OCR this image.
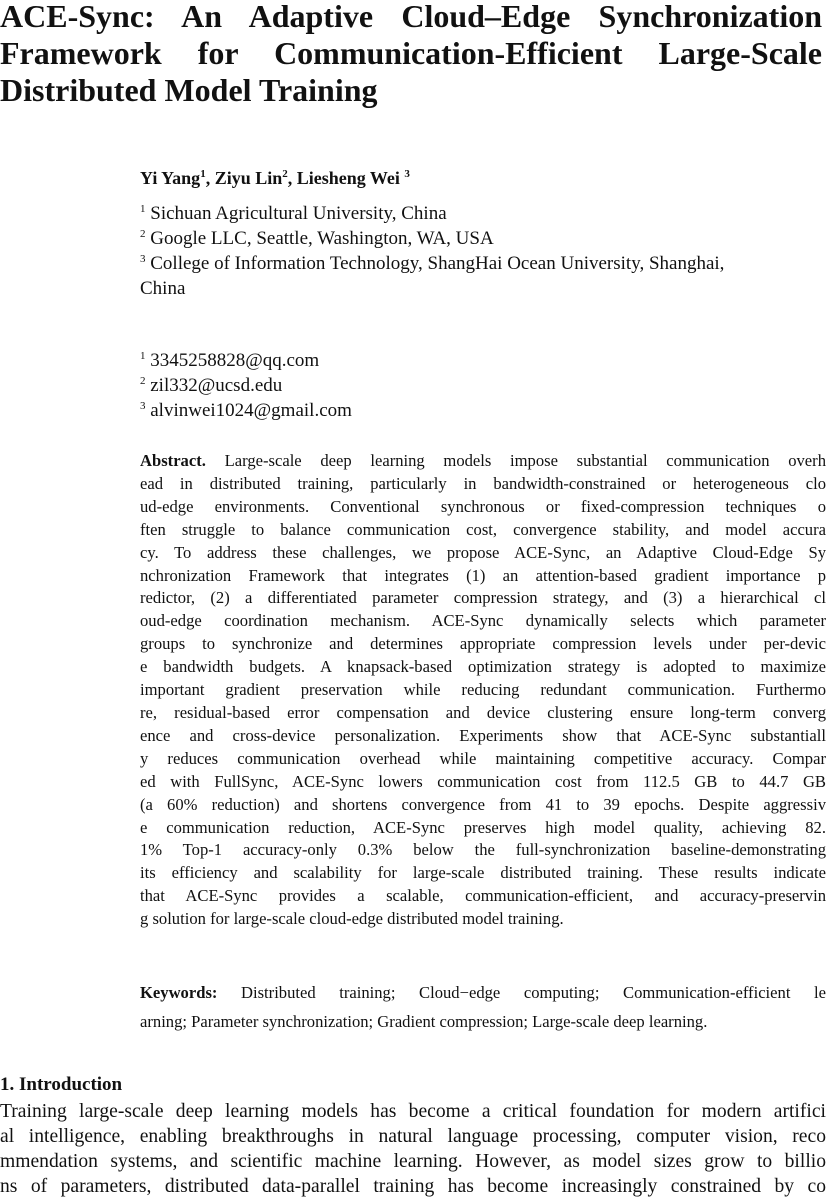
ACE-Sync: An Adaptive Cloud–Edge Synchronization
Framework for Communication-Efficient Large-Scale
Distributed Model Training
Yi Yang$^1$, Ziyu Lin$^2$, Liesheng Wei $^3$
$^1$ Sichuan Agricultural University, China
$^2$ Google LLC, Seattle, Washington, WA, USA
$^3$ College of Information Technology, ShangHai Ocean University, Shanghai,
China
$^1$ 3345258828@qq.com
$^2$ zil332@ucsd.edu
$^3$ alvinwei1024@gmail.com
Abstract. Large-scale deep learning models impose substantial communication overh
ead in distributed training, particularly in bandwidth-constrained or heterogeneous clo
ud-edge environments. Conventional synchronous or fixed-compression techniques o
ften struggle to balance communication cost, convergence stability, and model accura
cy. To address these challenges, we propose ACE-Sync, an Adaptive Cloud-Edge Sy
nchronization Framework that integrates (1) an attention-based gradient importance p
redictor, (2) a differentiated parameter compression strategy, and (3) a hierarchical cl
oud-edge coordination mechanism. ACE-Sync dynamically selects which parameter
groups to synchronize and determines appropriate compression levels under per-devic
e bandwidth budgets. A knapsack-based optimization strategy is adopted to maximize
important gradient preservation while reducing redundant communication. Furthermo
re, residual-based error compensation and device clustering ensure long-term converg
ence and cross-device personalization. Experiments show that ACE-Sync substantiall
y reduces communication overhead while maintaining competitive accuracy. Compar
ed with FullSync, ACE-Sync lowers communication cost from 112.5 GB to 44.7 GB
(a 60% reduction) and shortens convergence from 41 to 39 epochs. Despite aggressiv
e communication reduction, ACE-Sync preserves high model quality, achieving 82.
1% Top-1 accuracy-only 0.3% below the full-synchronization baseline-demonstrating
its efficiency and scalability for large-scale distributed training. These results indicate
that ACE-Sync provides a scalable, communication-efficient, and accuracy-preservin
g solution for large-scale cloud-edge distributed model training.
Keywords: Distributed training; Cloud−edge computing; Communication-efficient le
arning; Parameter synchronization; Gradient compression; Large-scale deep learning.
1. Introduction
Training large-scale deep learning models has become a critical foundation for modern artifici
al intelligence, enabling breakthroughs in natural language processing, computer vision, reco
mmendation systems, and scientific machine learning. However, as model sizes grow to billio
ns of parameters, distributed data-parallel training has become increasingly constrained by co
